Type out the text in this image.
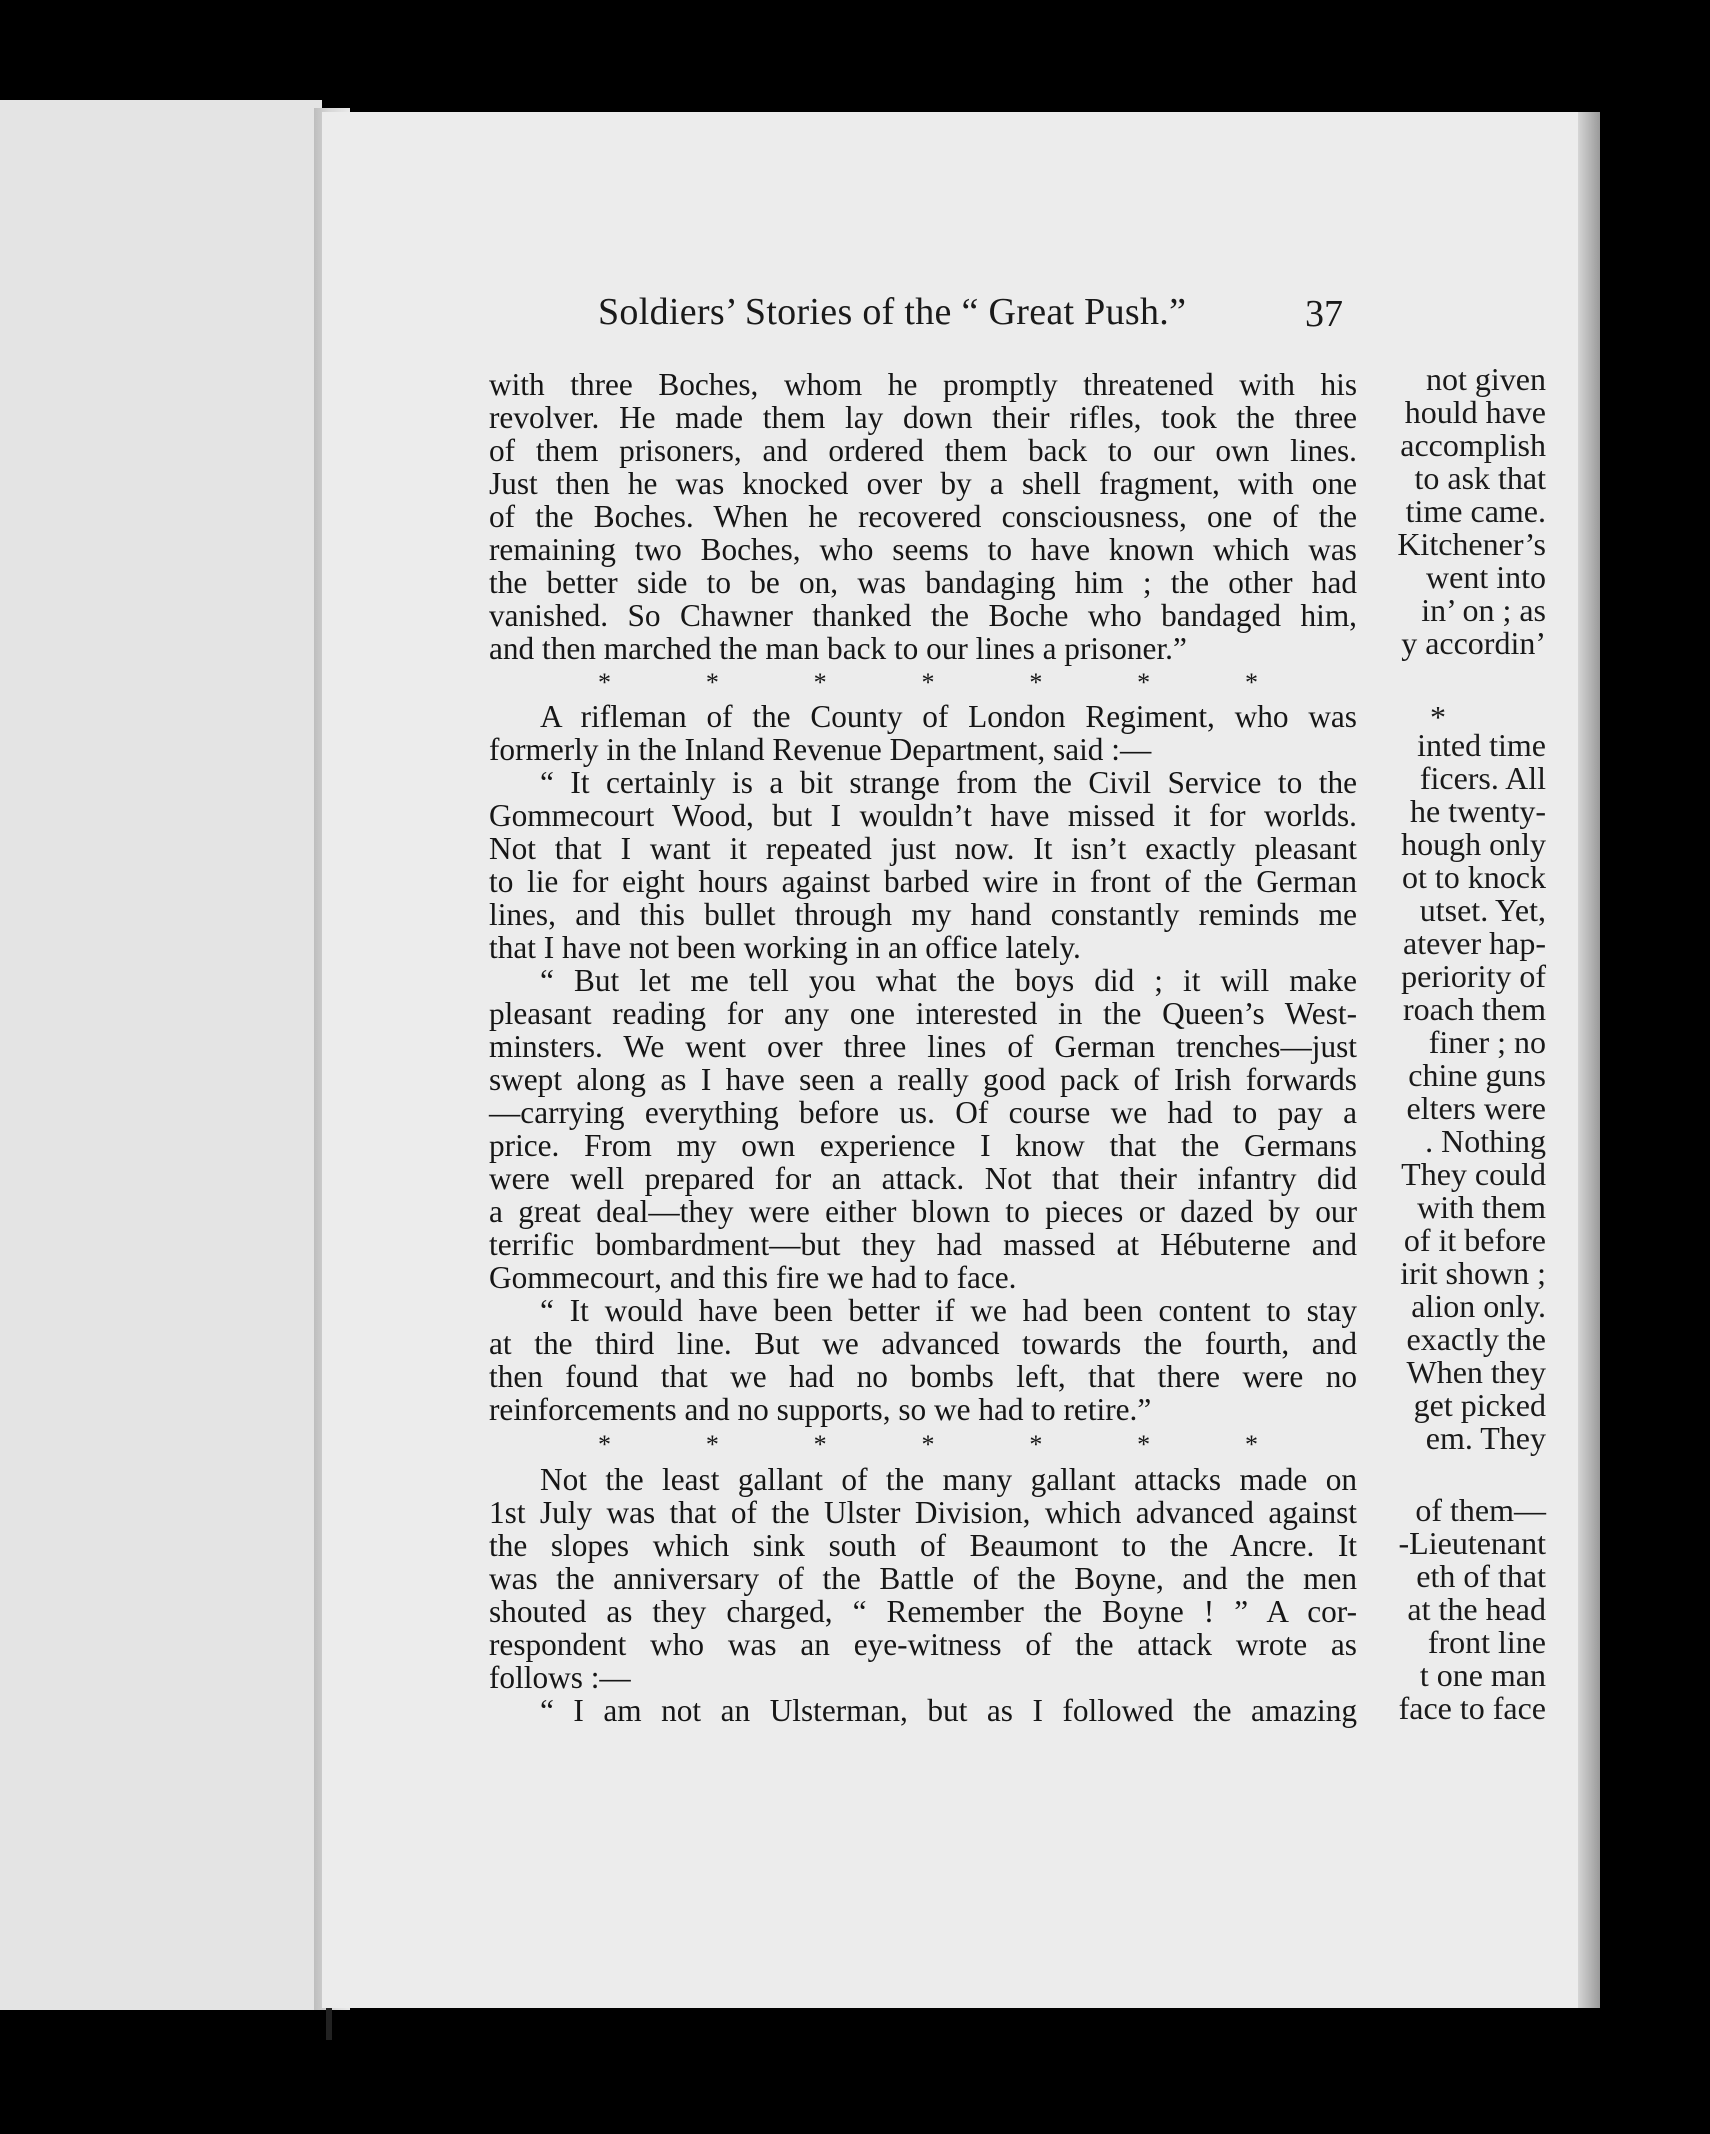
not given
hould have
accomplish
to ask that
time came.
Kitchener’s
went into
in’ on ; as
y accordin’
*
inted time
ficers. All
he twenty-
hough only
ot to knock
utset. Yet,
atever hap-
periority of
roach them
finer ; no
chine guns
elters were
. Nothing
They could
with them
of it before
irit shown ;
alion only.
exactly the
When they
get picked
em. They
of them—
-Lieutenant
eth of that
at the head
front line
t one man
face to face
Soldiers’ Stories of the “ Great Push.”	37
with three Boches, whom he promptly threatened with his
revolver. He made them lay down their rifles, took the three
of them prisoners, and ordered them back to our own lines.
Just then he was knocked over by a shell fragment, with one
of the Boches. When he recovered consciousness, one of the
remaining two Boches, who seems to have known which was
the better side to be on, was bandaging him ; the other had
vanished. So Chawner thanked the Boche who bandaged him,
and then marched the man back to our lines a prisoner.”
*	*	*	*	*	*	*
A rifleman of the County of London Regiment, who was
formerly in the Inland Revenue Department, said :—
“ It certainly is a bit strange from the Civil Service to the
Gommecourt Wood, but I wouldn’t have missed it for worlds.
Not that I want it repeated just now. It isn’t exactly pleasant
to lie for eight hours against barbed wire in front of the German
lines, and this bullet through my hand constantly reminds me
that I have not been working in an office lately.
“ But let me tell you what the boys did ; it will make
pleasant reading for any one interested in the Queen’s West-
minsters. We went over three lines of German trenches—just
swept along as I have seen a really good pack of Irish forwards
—carrying everything before us. Of course we had to pay a
price. From my own experience I know that the Germans
were well prepared for an attack. Not that their infantry did
a great deal—they were either blown to pieces or dazed by our
terrific bombardment—but they had massed at Hébuterne and
Gommecourt, and this fire we had to face.
“ It would have been better if we had been content to stay
at the third line. But we advanced towards the fourth, and
then found that we had no bombs left, that there were no
reinforcements and no supports, so we had to retire.”
*	*	*	*	*	*	*
Not the least gallant of the many gallant attacks made on
1st July was that of the Ulster Division, which advanced against
the slopes which sink south of Beaumont to the Ancre. It
was the anniversary of the Battle of the Boyne, and the men
shouted as they charged, “ Remember the Boyne ! ” A cor-
respondent who was an eye-witness of the attack wrote as
follows :—
“ I am not an Ulsterman, but as I followed the amazing
